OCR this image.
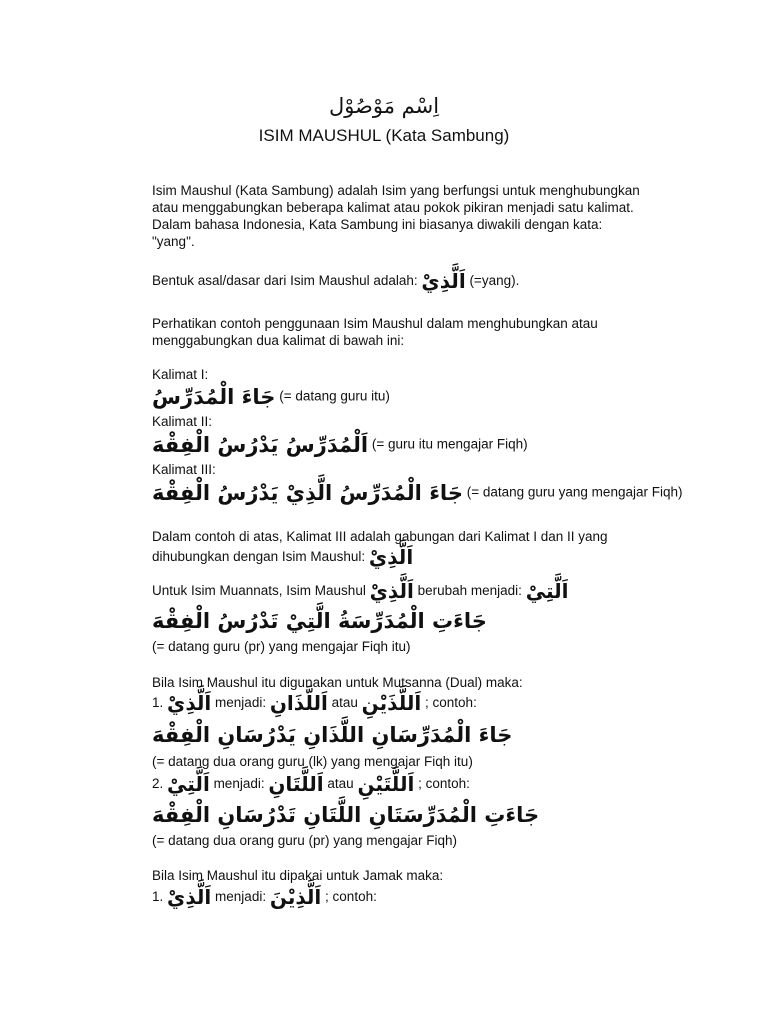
اِسْم مَوْصُوْل
ISIM MAUSHUL (Kata Sambung)
Isim Maushul (Kata Sambung) adalah Isim yang berfungsi untuk menghubungkan
atau menggabungkan beberapa kalimat atau pokok pikiran menjadi satu kalimat.
Dalam bahasa Indonesia, Kata Sambung ini biasanya diwakili dengan kata:
"yang".
Bentuk asal/dasar dari Isim Maushul adalah: اَلَّذِيْ (=yang).
Perhatikan contoh penggunaan Isim Maushul dalam menghubungkan atau
menggabungkan dua kalimat di bawah ini:
Kalimat I:
جَاءَ الْمُدَرِّسُ (= datang guru itu)
Kalimat II:
اَلْمُدَرِّسُ يَدْرُسُ الْفِقْهَ (= guru itu mengajar Fiqh)
Kalimat III:
جَاءَ الْمُدَرِّسُ الَّذِيْ يَدْرُسُ الْفِقْهَ (= datang guru yang mengajar Fiqh)
Dalam contoh di atas, Kalimat III adalah gabungan dari Kalimat I dan II yang
dihubungkan dengan Isim Maushul: اَلَّذِيْ
Untuk Isim Muannats, Isim Maushul اَلَّذِيْ berubah menjadi: اَلَّتِيْ
جَاءَتِ الْمُدَرِّسَةُ الَّتِيْ تَدْرُسُ الْفِقْهَ
(= datang guru (pr) yang mengajar Fiqh itu)
Bila Isim Maushul itu digunakan untuk Mutsanna (Dual) maka:
1. اَلَّذِيْ menjadi: اَللَّذَانِ atau اَللَّذَيْنِ ; contoh:
جَاءَ الْمُدَرِّسَانِ اللَّذَانِ يَدْرُسَانِ الْفِقْهَ
(= datang dua orang guru (lk) yang mengajar Fiqh itu)
2. اَلَّتِيْ menjadi: اَللَّتَانِ atau اَللَّتَيْنِ ; contoh:
جَاءَتِ الْمُدَرِّسَتَانِ اللَّتَانِ تَدْرُسَانِ الْفِقْهَ
(= datang dua orang guru (pr) yang mengajar Fiqh)
Bila Isim Maushul itu dipakai untuk Jamak maka:
1. اَلَّذِيْ menjadi: اَلَّذِيْنَ ; contoh:
